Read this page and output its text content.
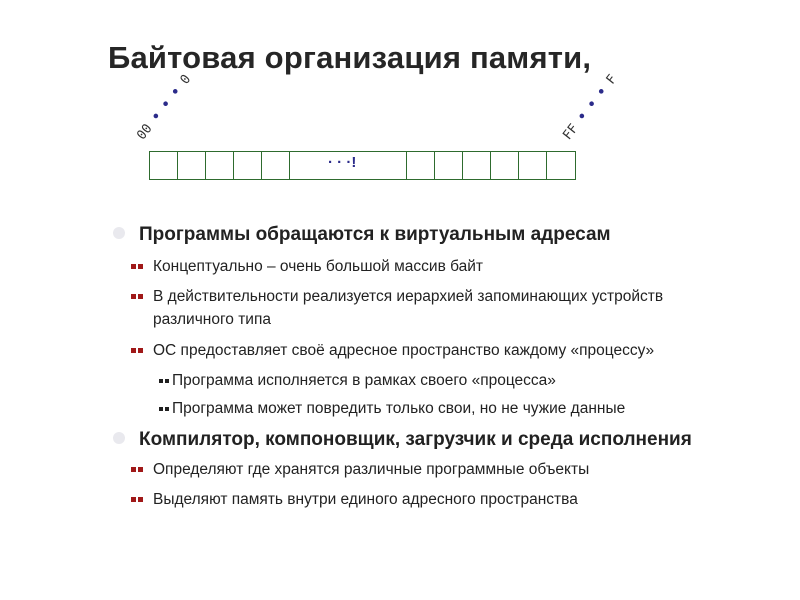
Байтовая организация памяти,
00 • • • 0
FF • • • F
· · ·!
Программы обращаются к виртуальным адресам
Концептуально – очень большой массив байт
В действительности реализуется иерархией запоминающих устройств
различного типа
ОС предоставляет своё адресное пространство каждому «процессу»
Программа исполняется в рамках своего «процесса»
Программа может повредить только свои, но не чужие данные
Компилятор, компоновщик, загрузчик и среда исполнения
Определяют где хранятся различные программные объекты
Выделяют память внутри единого адресного пространства
